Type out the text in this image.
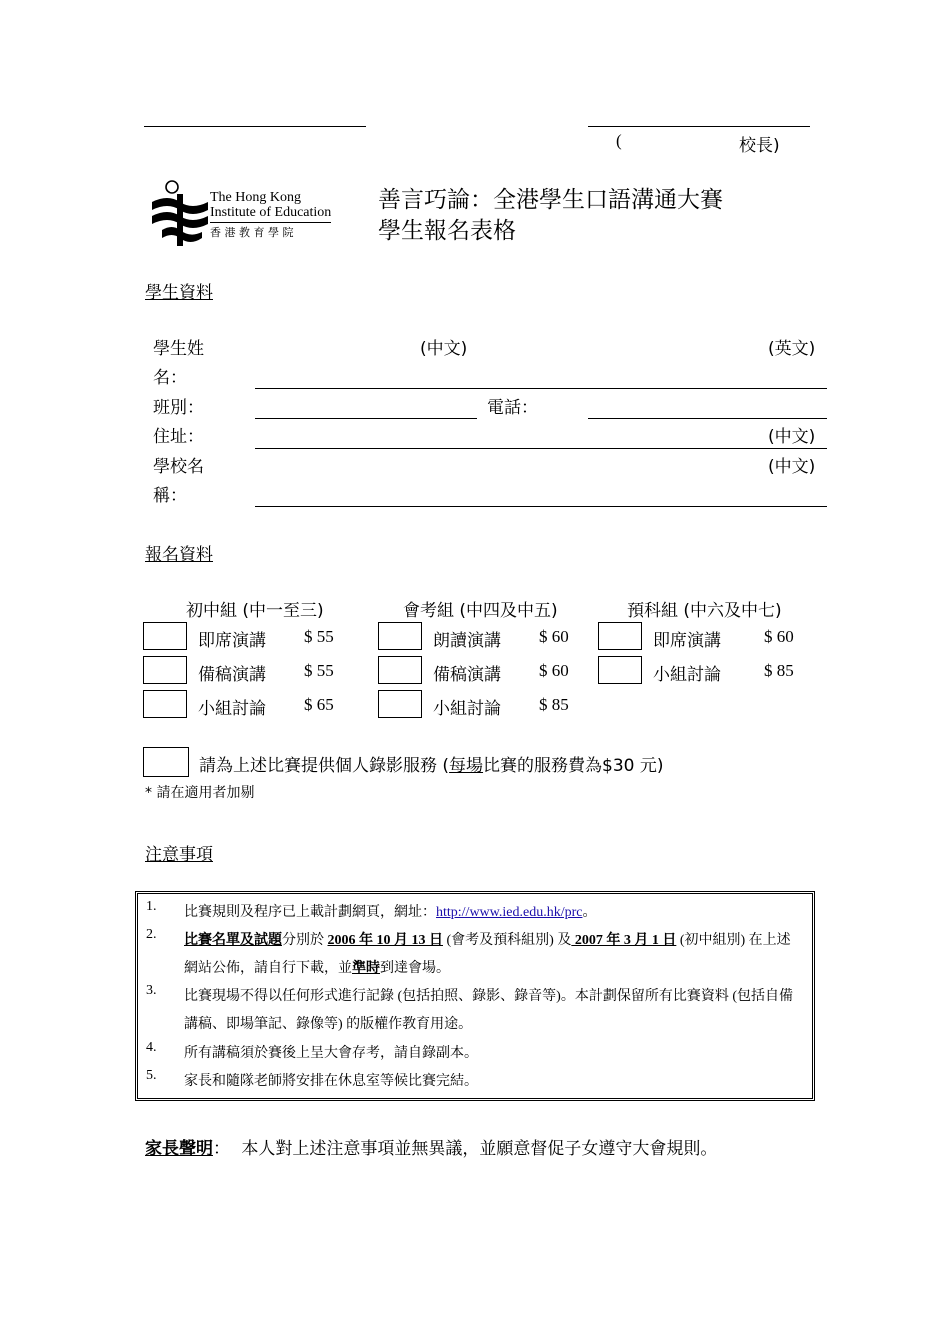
(	校長)
The Hong Kong
Institute of Education
香 港 教 育 學 院
善言巧論：全港學生口語溝通大賽
學生報名表格
學生資料
學生姓
名：
(中文)	(英文)
班別：	電話：
住址：	(中文)
學校名
稱：
(中文)
報名資料
初中組 (中一至三)
即席演講 $ 55
備稿演講 $ 55
小組討論 $ 65
會考組 (中四及中五)
朗讀演講 $ 60
備稿演講 $ 60
小組討論 $ 85
預科組 (中六及中七)
即席演講	$ 60
小組討論	$ 85
請為上述比賽提供個人錄影服務 (每場比賽的服務費為$30 元)
* 請在適用者加剔
注意事項
1. 比賽規則及程序已上載計劃網頁，網址：http://www.ied.edu.hk/prc。
2. 比賽名單及試題分別於 2006 年 10 月 13 日 (會考及預科組別) 及 2007 年 3 月 1 日 (初中組別) 在上述網站公佈，請自行下載，並準時到達會場。
3. 比賽現場不得以任何形式進行記錄 (包括拍照、錄影、錄音等)。本計劃保留所有比賽資料 (包括自備講稿、即場筆記、錄像等) 的版權作教育用途。
4. 所有講稿須於賽後上呈大會存考，請自錄副本。
5. 家長和隨隊老師將安排在休息室等候比賽完結。
家長聲明： 本人對上述注意事項並無異議，並願意督促子女遵守大會規則。
